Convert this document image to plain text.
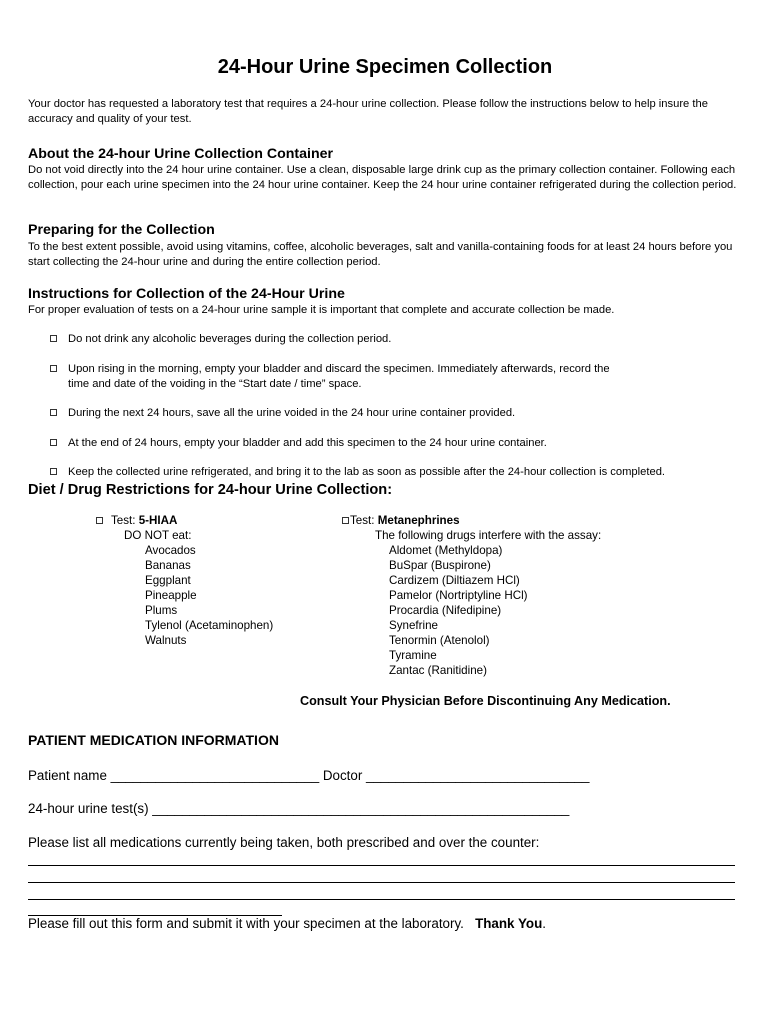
24-Hour Urine Specimen Collection
Your doctor has requested a laboratory test that requires a 24-hour urine collection. Please follow the instructions below to help insure the accuracy and quality of your test.
About the 24-hour Urine Collection Container
Do not void directly into the 24 hour urine container. Use a clean, disposable large drink cup as the primary collection container. Following each collection, pour each urine specimen into the 24 hour urine container. Keep the 24 hour urine container refrigerated during the collection period.
Preparing for the Collection
To the best extent possible, avoid using vitamins, coffee, alcoholic beverages, salt and vanilla-containing foods for at least 24 hours before you start collecting the 24-hour urine and during the entire collection period.
Instructions for Collection of the 24-Hour Urine
For proper evaluation of tests on a 24-hour urine sample it is important that complete and accurate collection be made.
Do not drink any alcoholic beverages during the collection period.
Upon rising in the morning, empty your bladder and discard the specimen. Immediately afterwards, record the
time and date of the voiding in the “Start date / time” space.
During the next 24 hours, save all the urine voided in the 24 hour urine container provided.
At the end of 24 hours, empty your bladder and add this specimen to the 24 hour urine container.
Keep the collected urine refrigerated, and bring it to the lab as soon as possible after the 24-hour collection is completed.
Diet / Drug Restrictions for 24-hour Urine Collection:
Test: 5-HIAA
DO NOT eat:
Avocados
Bananas
Eggplant
Pineapple
Plums
Tylenol (Acetaminophen)
Walnuts
Test: Metanephrines
The following drugs interfere with the assay:
Aldomet (Methyldopa)
BuSpar (Buspirone)
Cardizem (Diltiazem HCl)
Pamelor (Nortriptyline HCl)
Procardia (Nifedipine)
Synefrine
Tenormin (Atenolol)
Tyramine
Zantac (Ranitidine)
Consult Your Physician Before Discontinuing Any Medication.
PATIENT MEDICATION INFORMATION
Patient name ____________________________ Doctor ______________________________
24-hour urine test(s) ________________________________________________________
Please list all medications currently being taken, both prescribed and over the counter:
Please fill out this form and submit it with your specimen at the laboratory.   Thank You.
